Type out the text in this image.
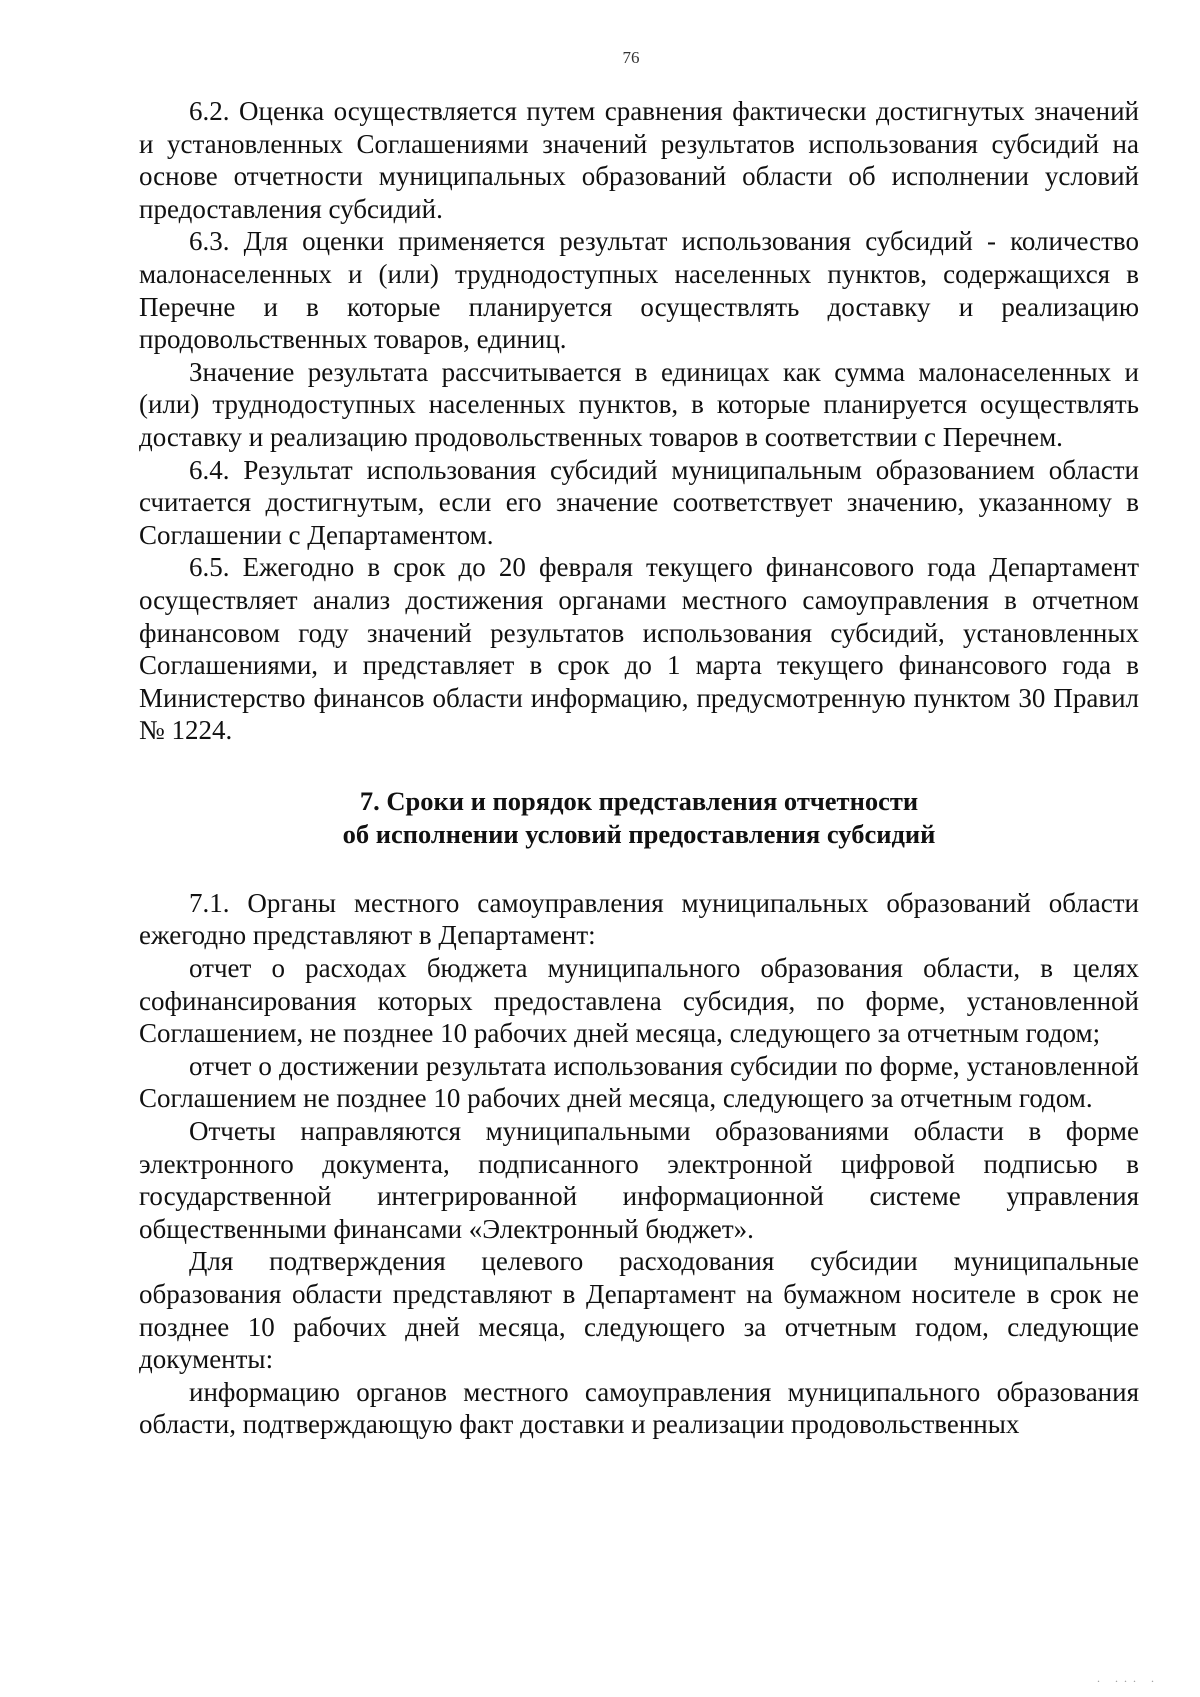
76

6.2. Оценка осуществляется путем сравнения фактически достигнутых значений и установленных Соглашениями значений результатов использования субсидий на основе отчетности муниципальных образований области об исполнении условий предоставления субсидий.

6.3. Для оценки применяется результат использования субсидий - количество малонаселенных и (или) труднодоступных населенных пунктов, содержащихся в Перечне и в которые планируется осуществлять доставку и реализацию продовольственных товаров, единиц.

Значение результата рассчитывается в единицах как сумма малонаселенных и (или) труднодоступных населенных пунктов, в которые планируется осуществлять доставку и реализацию продовольственных товаров в соответствии с Перечнем.

6.4. Результат использования субсидий муниципальным образованием области считается достигнутым, если его значение соответствует значению, указанному в Соглашении с Департаментом.

6.5. Ежегодно в срок до 20 февраля текущего финансового года Департамент осуществляет анализ достижения органами местного самоуправления в отчетном финансовом году значений результатов использования субсидий, установленных Соглашениями, и представляет в срок до 1 марта текущего финансового года в Министерство финансов области информацию, предусмотренную пунктом 30 Правил № 1224.

7. Сроки и порядок представления отчетности
об исполнении условий предоставления субсидий

7.1. Органы местного самоуправления муниципальных образований области ежегодно представляют в Департамент:

отчет о расходах бюджета муниципального образования области, в целях софинансирования которых предоставлена субсидия, по форме, установленной Соглашением, не позднее 10 рабочих дней месяца, следующего за отчетным годом;

отчет о достижении результата использования субсидии по форме, установленной Соглашением не позднее 10 рабочих дней месяца, следующего за отчетным годом.

Отчеты направляются муниципальными образованиями области в форме электронного документа, подписанного электронной цифровой подписью в государственной интегрированной информационной системе управления общественными финансами «Электронный бюджет».

Для подтверждения целевого расходования субсидии муниципальные образования области представляют в Департамент на бумажном носителе в срок не позднее 10 рабочих дней месяца, следующего за отчетным годом, следующие документы:

информацию органов местного самоуправления муниципального образования области, подтверждающую факт доставки и реализации продовольственных

. ... .
